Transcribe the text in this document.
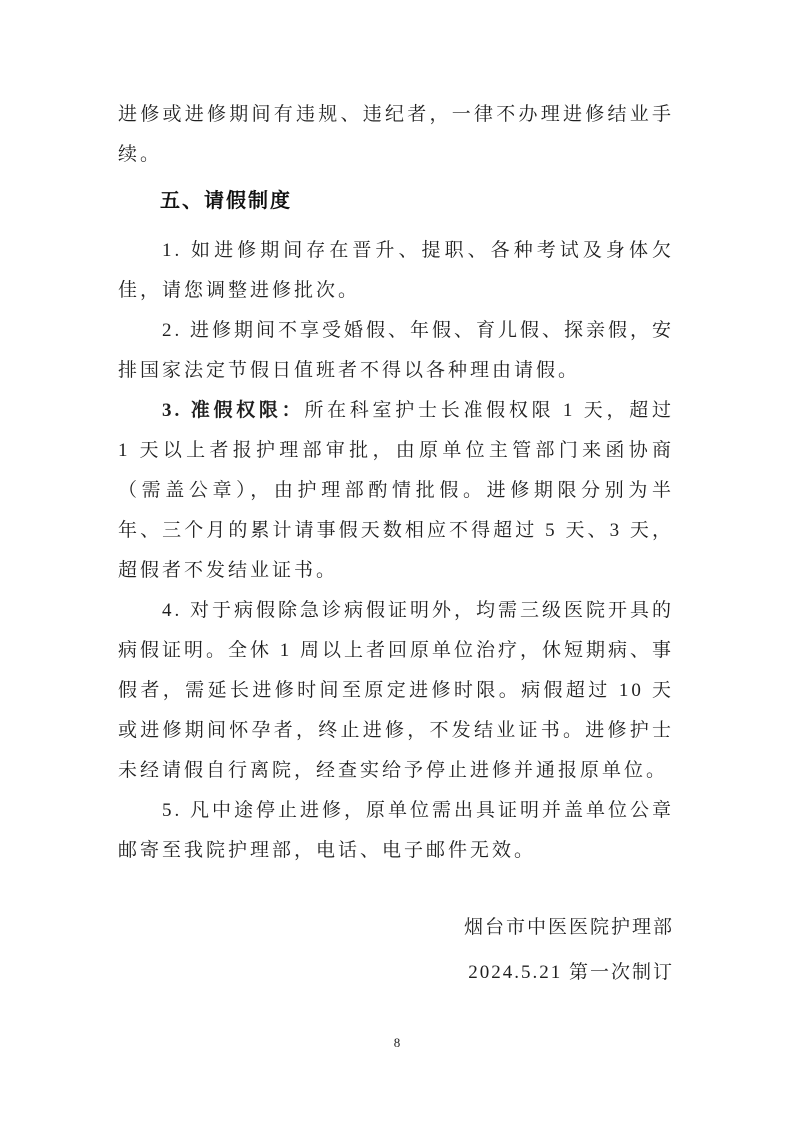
进修或进修期间有违规、违纪者，一律不办理进修结业手续。

五、请假制度

1. 如进修期间存在晋升、提职、各种考试及身体欠佳，请您调整进修批次。

2. 进修期间不享受婚假、年假、育儿假、探亲假，安排国家法定节假日值班者不得以各种理由请假。

3. 准假权限：所在科室护士长准假权限 1 天，超过 1 天以上者报护理部审批，由原单位主管部门来函协商（需盖公章），由护理部酌情批假。进修期限分别为半年、三个月的累计请事假天数相应不得超过 5 天、3 天，超假者不发结业证书。

4. 对于病假除急诊病假证明外，均需三级医院开具的病假证明。全休 1 周以上者回原单位治疗，休短期病、事假者，需延长进修时间至原定进修时限。病假超过 10 天或进修期间怀孕者，终止进修，不发结业证书。进修护士未经请假自行离院，经查实给予停止进修并通报原单位。

5. 凡中途停止进修，原单位需出具证明并盖单位公章邮寄至我院护理部，电话、电子邮件无效。

烟台市中医医院护理部

2024.5.21 第一次制订

8
